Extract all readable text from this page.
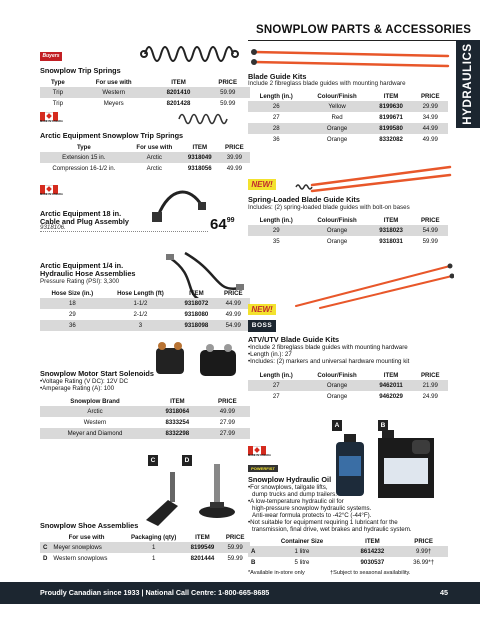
SNOWPLOW PARTS & ACCESSORIES
HYDRAULICS
Buyers
Snowplow Trip Springs
Type	For use with	ITEM	PRICE
Trip	Western	8201410	59.99
Trip	Meyers	8201428	59.99
MADE IN CANADA
Arctic Equipment Snowplow Trip Springs
Type	For use with	ITEM	PRICE
Extension 15 in.	Arctic	9318049	39.99
Compression 16-1/2 in.	Arctic	9318056	49.99
MADE IN CANADA
Arctic Equipment 18 in.
Cable and Plug Assembly
9318106.	$64^{99}$
Arctic Equipment 1/4 in.
Hydraulic Hose Assemblies
Pressure Rating (PSI): 3,300
Hose Size (in.)	Hose Length (ft)	ITEM	PRICE
18	1-1/2	9318072	44.99
29	2-1/2	9318080	49.99
36	3	9318098	54.99
Snowplow Motor Start Solenoids
•Voltage Rating (V DC): 12V DC
•Amperage Rating (A): 100
Snowplow Brand	ITEM	PRICE
Arctic	9318064	49.99
Western	8333254	27.99
Meyer and Diamond	8332298	27.99
C	D
Snowplow Shoe Assemblies
	For use with	Packaging (qty)	ITEM	PRICE
C	Meyer snowplows	1	8199549	59.99
D	Western snowplows	1	8201444	59.99
Blade Guide Kits
Include 2 fibreglass blade guides with mounting hardware
Length (in.)	Colour/Finish	ITEM	PRICE
26	Yellow	8199630	29.99
27	Red	8199671	34.99
28	Orange	8199580	44.99
36	Orange	8332082	49.99
NEW!
Spring-Loaded Blade Guide Kits
Includes: (2) spring-loaded blade guides with bolt-on bases
Length (in.)	Colour/Finish	ITEM	PRICE
29	Orange	9318023	54.99
35	Orange	9318031	59.99
NEW!
BOSS
ATV/UTV Blade Guide Kits
•Include 2 fibreglass blade guides with mounting hardware
•Length (in.): 27
•Includes: (2) markers and universal hardware mounting kit
Length (in.)	Colour/Finish	ITEM	PRICE
27	Orange	9462011	21.99
27	Orange	9462029	24.99
A	B
MADE IN CANADA
POWERFIST
Snowplow Hydraulic Oil
•For snowplows, tailgate lifts,
dump trucks and dump trailers.
•A low-temperature hydraulic oil for
high-pressure snowplow hydraulic systems.
Anti-wear formula protects to -42°C (-44°F).
•Not suitable for equipment requiring 1 lubricant for the
transmission, final drive, wet brakes and hydraulic system.
	Container Size	ITEM	PRICE
A	1 litre	8614232	9.99†
B	5 litre	9030537	36.99*†
*Available in-store only	†Subject to seasonal availability.
Proudly Canadian since 1933 | National Call Centre: 1-800-665-8685	45
